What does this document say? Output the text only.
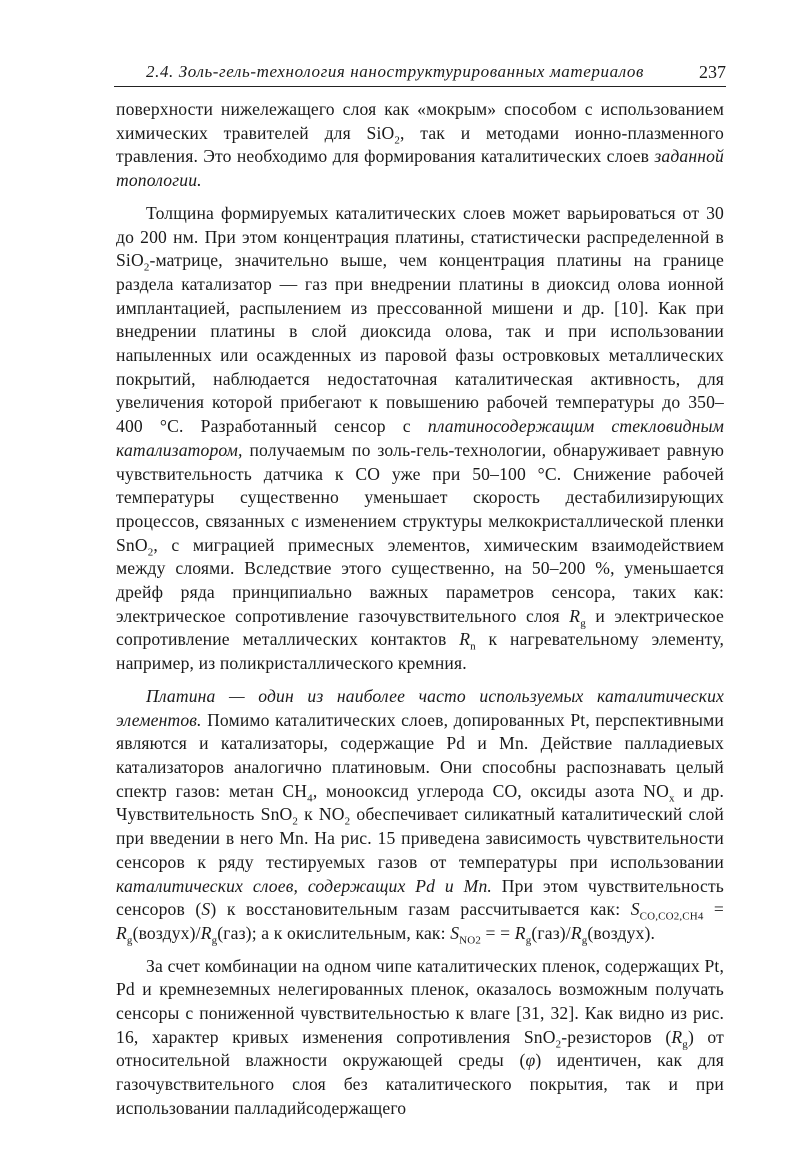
2.4. Золь-гель-технология наноструктурированных материалов	237

поверхности нижележащего слоя как «мокрым» способом с использованием химических травителей для SiO$_2$, так и методами ионно-плазменного травления. Это необходимо для формирования каталитических слоев заданной топологии.

Толщина формируемых каталитических слоев может варьироваться от 30 до 200 нм. При этом концентрация платины, статистически распределенной в SiO$_2$-матрице, значительно выше, чем концентрация платины на границе раздела катализатор — газ при внедрении платины в диоксид олова ионной имплантацией, распылением из прессованной мишени и др. [10]. Как при внедрении платины в слой диоксида олова, так и при использовании напыленных или осажденных из паровой фазы островковых металлических покрытий, наблюдается недостаточная каталитическая активность, для увеличения которой прибегают к повышению рабочей температуры до 350–400 °C. Разработанный сенсор с платиносодержащим стекловидным катализатором, получаемым по золь-гель-технологии, обнаруживает равную чувствительность датчика к CO уже при 50–100 °C. Снижение рабочей температуры существенно уменьшает скорость дестабилизирующих процессов, связанных с изменением структуры мелкокристаллической пленки SnO$_2$, с миграцией примесных элементов, химическим взаимодействием между слоями. Вследствие этого существенно, на 50–200 %, уменьшается дрейф ряда принципиально важных параметров сенсора, таких как: электрическое сопротивление газочувствительного слоя $R_g$ и электрическое сопротивление металлических контактов $R_n$ к нагревательному элементу, например, из поликристаллического кремния.

Платина — один из наиболее часто используемых каталитических элементов. Помимо каталитических слоев, допированных Pt, перспективными являются и катализаторы, содержащие Pd и Mn. Действие палладиевых катализаторов аналогично платиновым. Они способны распознавать целый спектр газов: метан $CH_4$, монооксид углерода CO, оксиды азота $NO_x$ и др. Чувствительность SnO$_2$ к $NO_2$ обеспечивает силикатный каталитический слой при введении в него Mn. На рис. 15 приведена зависимость чувствительности сенсоров к ряду тестируемых газов от температуры при использовании каталитических слоев, содержащих Pd и Mn. При этом чувствительность сенсоров (S) к восстановительным газам рассчитывается как: $S_{CO,CO2,CH4}$ = $R_g(воздух)/R_g(газ)$; а к окислительным, как: $S_{NO2}$ = = $R_g(газ)/R_g(воздух)$.

За счет комбинации на одном чипе каталитических пленок, содержащих Pt, Pd и кремнеземных нелегированных пленок, оказалось возможным получать сенсоры с пониженной чувствительностью к влаге [31, 32]. Как видно из рис. 16, характер кривых изменения сопротивления SnO$_2$-резисторов $(R_g)$ от относительной влажности окружающей среды (φ) идентичен, как для газочувствительного слоя без каталитического покрытия, так и при использовании палладийсодержащего
